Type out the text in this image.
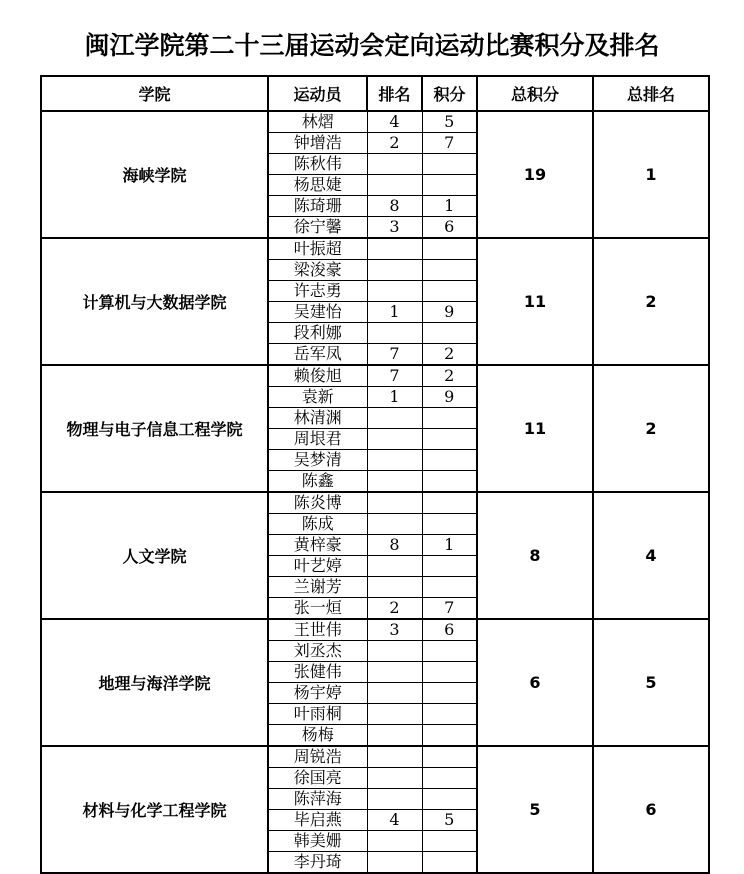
闽江学院第二十三届运动会定向运动比赛积分及排名
学院	运动员	排名	积分	总积分	总排名
海峡学院	林熠	4	5	19	1
	钟增浩	2	7		
	陈秋伟				
	杨思婕				
	陈琦珊	8	1		
	徐宁馨	3	6		
计算机与大数据学院	叶振超			11	2
	梁浚豪				
	许志勇				
	吴建怡	1	9		
	段利娜				
	岳军凤	7	2		
物理与电子信息工程学院	赖俊旭	7	2	11	2
	袁新	1	9		
	林清渊				
	周垠君				
	吴梦清				
	陈鑫				
人文学院	陈炎博			8	4
	陈成				
	黄梓豪	8	1		
	叶艺婷				
	兰谢芳				
	张一烜	2	7		
地理与海洋学院	王世伟	3	6	6	5
	刘丞杰				
	张健伟				
	杨宇婷				
	叶雨桐				
	杨梅				
材料与化学工程学院	周锐浩			5	6
	徐国亮				
	陈萍海				
	毕启燕	4	5		
	韩美姗				
	李丹琦				
